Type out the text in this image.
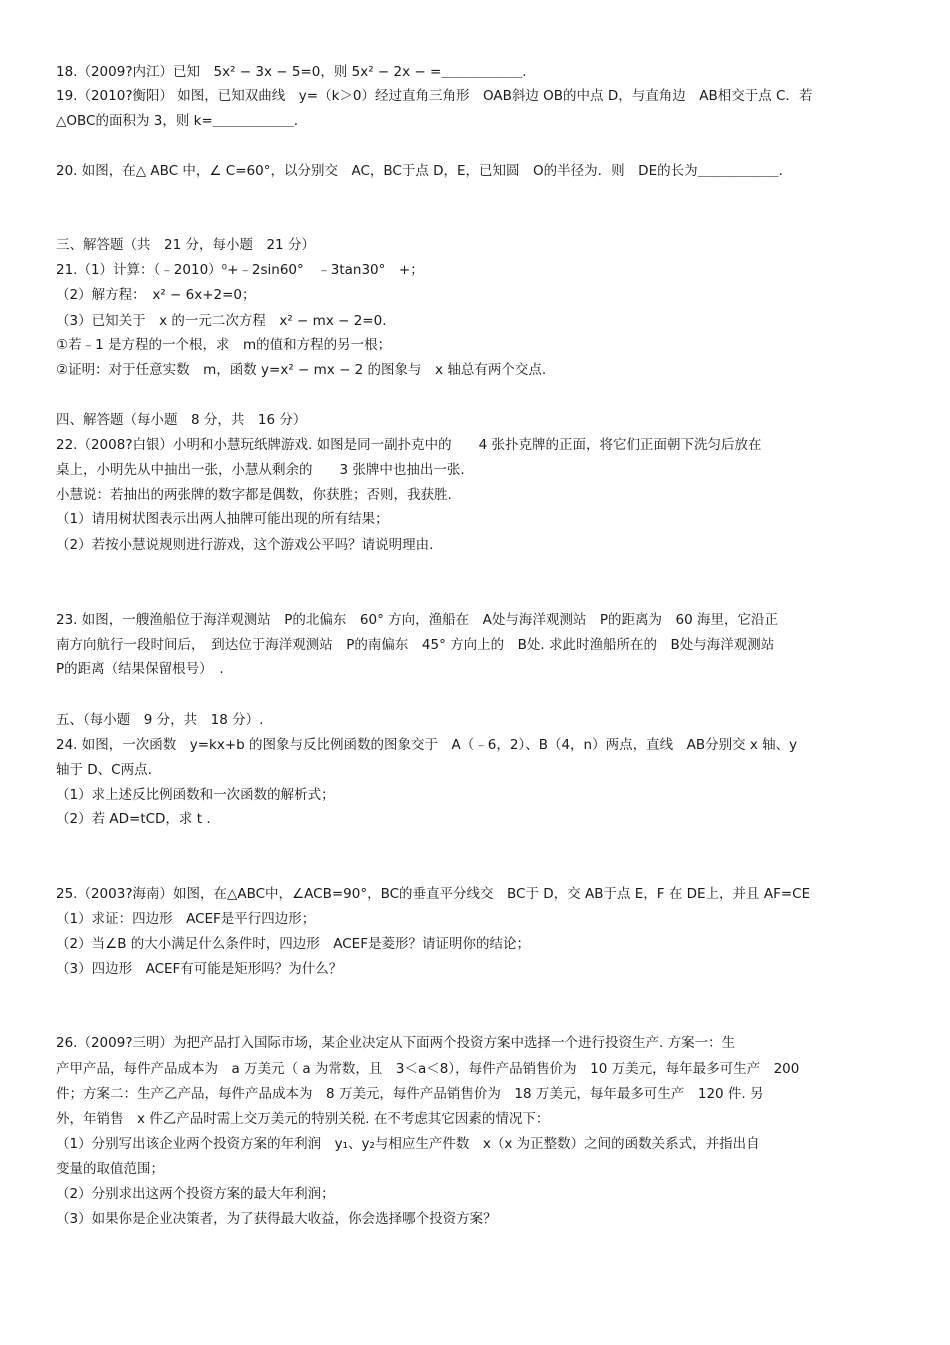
18.（2009?内江）已知　5x² − 3x − 5=0，则 5x² − 2x − =＿＿＿＿＿＿.
19.（2010?衡阳） 如图，已知双曲线　y=（k＞0）经过直角三角形　OAB斜边 OB的中点 D，与直角边　AB相交于点 C．若
△OBC的面积为 3，则 k=＿＿＿＿＿＿.
20. 如图，在△ ABC 中，∠ C=60°，以分别交　AC，BC于点 D，E，已知圆　O的半径为．则　DE的长为＿＿＿＿＿＿.
三、解答题（共　21 分，每小题　21 分）
21.（1）计算：（﹣2010）⁰+﹣2sin60°　﹣3tan30°　+；
（2）解方程：　x² − 6x+2=0；
（3）已知关于　x 的一元二次方程　x² − mx − 2=0.
①若﹣1 是方程的一个根，求　m的值和方程的另一根；
②证明：对于任意实数　m，函数 y=x² − mx − 2 的图象与　x 轴总有两个交点.
四、解答题（每小题　8 分，共　16 分）
22.（2008?白银）小明和小慧玩纸牌游戏. 如图是同一副扑克中的　　4 张扑克牌的正面，将它们正面朝下洗匀后放在
桌上，小明先从中抽出一张，小慧从剩余的　　3 张牌中也抽出一张.
小慧说：若抽出的两张牌的数字都是偶数，你获胜；否则，我获胜.
（1）请用树状图表示出两人抽牌可能出现的所有结果；
（2）若按小慧说规则进行游戏，这个游戏公平吗？请说明理由.
23. 如图，一艘渔船位于海洋观测站　P的北偏东　60° 方向，渔船在　A处与海洋观测站　P的距离为　60 海里，它沿正
南方向航行一段时间后，　到达位于海洋观测站　P的南偏东　45° 方向上的　B处. 求此时渔船所在的　B处与海洋观测站
P的距离（结果保留根号）　.
五、（每小题　9 分，共　18 分）.
24. 如图，一次函数　y=kx+b 的图象与反比例函数的图象交于　A（﹣6，2）、B（4，n）两点，直线　AB分别交 x 轴、y
轴于 D、C两点.
（1）求上述反比例函数和一次函数的解析式；
（2）若 AD=tCD，求 t .
25.（2003?海南）如图，在△ABC中，∠ACB=90°，BC的垂直平分线交　BC于 D，交 AB于点 E，F 在 DE上，并且 AF=CE
（1）求证：四边形　ACEF是平行四边形；
（2）当∠B 的大小满足什么条件时，四边形　ACEF是菱形？请证明你的结论；
（3）四边形　ACEF有可能是矩形吗？为什么？
26.（2009?三明）为把产品打入国际市场，某企业决定从下面两个投资方案中选择一个进行投资生产. 方案一：生
产甲产品，每件产品成本为　a 万美元（ a 为常数，且　3＜a＜8），每件产品销售价为　10 万美元，每年最多可生产　200
件；方案二：生产乙产品，每件产品成本为　8 万美元，每件产品销售价为　18 万美元，每年最多可生产　120 件. 另
外，年销售　x 件乙产品时需上交万美元的特别关税. 在不考虑其它因素的情况下：
（1）分别写出该企业两个投资方案的年利润　y₁、y₂与相应生产件数　x（x 为正整数）之间的函数关系式，并指出自
变量的取值范围；
（2）分别求出这两个投资方案的最大年利润；
（3）如果你是企业决策者，为了获得最大收益，你会选择哪个投资方案？
